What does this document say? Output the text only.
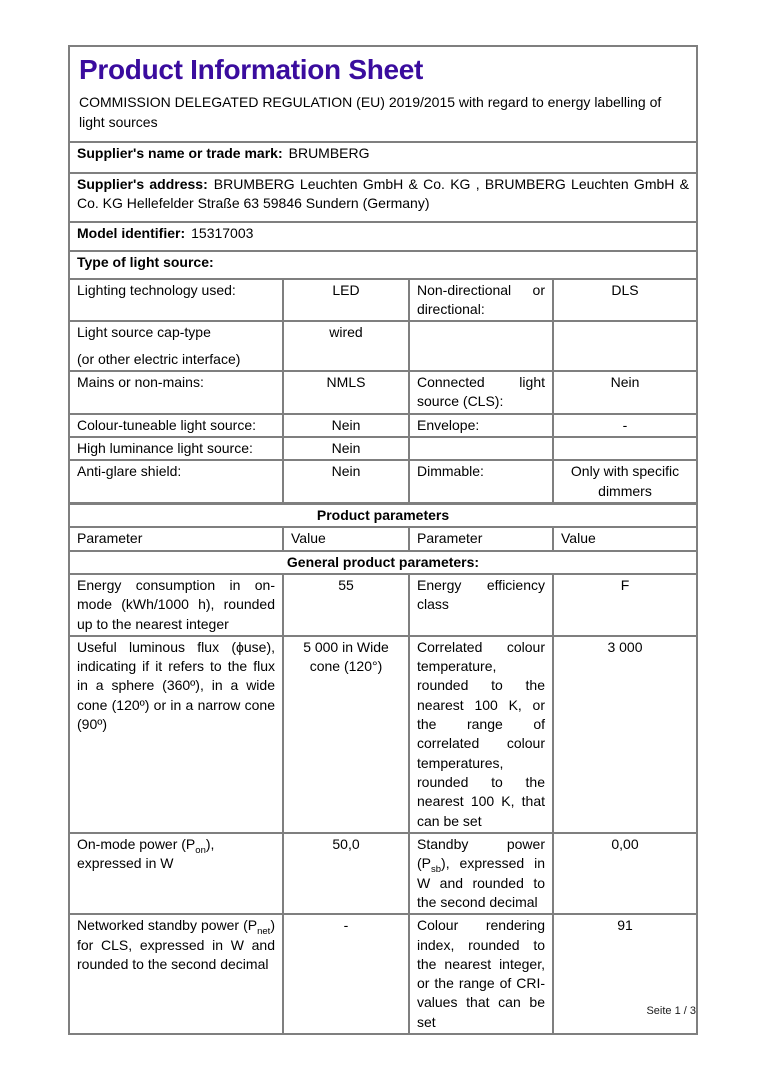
Product Information Sheet
COMMISSION DELEGATED REGULATION (EU) 2019/2015 with regard to energy labelling of light sources			

Supplier's name or trade mark: BRUMBERG			
Supplier's address: BRUMBERG Leuchten GmbH & Co. KG , BRUMBERG Leuchten GmbH & Co. KG Hellefelder Straße 63 59846 Sundern (Germany)			
Model identifier: 15317003			
Type of light source:			
Lighting technology used:	LED	Non-directional or directional:	DLS

Light source cap-type
(or other electric interface)	wired		
Mains or non-mains:	NMLS	Connected light source (CLS):	Nein
Colour-tuneable light source:	Nein	Envelope:	-
High luminance light source:	Nein		
Anti-glare shield:	Nein	Dimmable:	Only with specific dimmers
Product parameters			
Parameter	Value	Parameter	Value
General product parameters:			
Energy consumption in on-mode (kWh/1000 h), rounded up to the nearest integer	55	Energy efficiency class	F
Useful luminous flux (ϕuse), indicating if it refers to the flux in a sphere (360º), in a wide cone (120º) or in a narrow cone (90º)	5 000 in Wide cone (120°)	Correlated colour temperature, rounded to the nearest 100 K, or the range of correlated colour temperatures, rounded to the nearest 100 K, that can be set	3 000
On-mode power $(P_{on})$,
expressed in W	50,0	Standby power $(P_{sb})$, expressed in W and rounded to the second decimal	0,00
Networked standby power $(P_{net})$ for CLS, expressed in W and rounded to the second decimal	-	Colour rendering index, rounded to the nearest integer, or the range of CRI-values that can be set	91
Seite 1 / 3
